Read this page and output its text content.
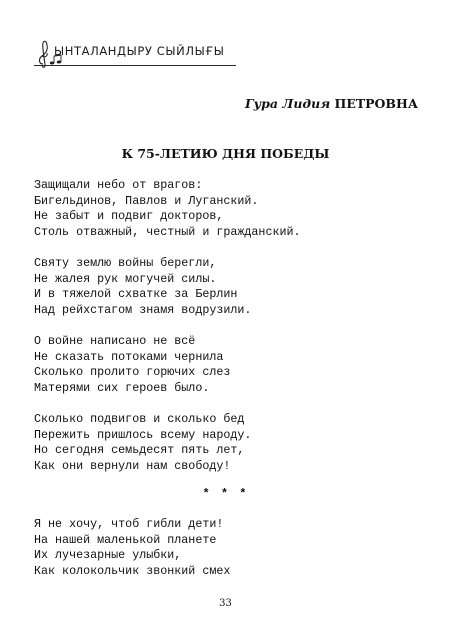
ЫНТАЛАНДЫРУ СЫЙЛЫҒЫ
Гура Лидия ПЕТРОВНА
К 75-ЛЕТИЮ ДНЯ ПОБЕДЫ
Защищали небо от врагов:
Бигельдинов, Павлов и Луганский.
Не забыт и подвиг докторов,
Столь отважный, честный и гражданский.
Святу землю войны берегли,
Не жалея рук могучей силы.
И в тяжелой схватке за Берлин
Над рейхстагом знамя водрузили.
О войне написано не всё
Не сказать потоками чернила
Сколько пролито горючих слез
Матерями сих героев было.
Сколько подвигов и сколько бед
Пережить пришлось всему народу.
Но сегодня семьдесят пять лет,
Как они вернули нам свободу!
* * *
Я не хочу, чтоб гибли дети!
На нашей маленькой планете
Их лучезарные улыбки,
Как колокольчик звонкий смех
33
